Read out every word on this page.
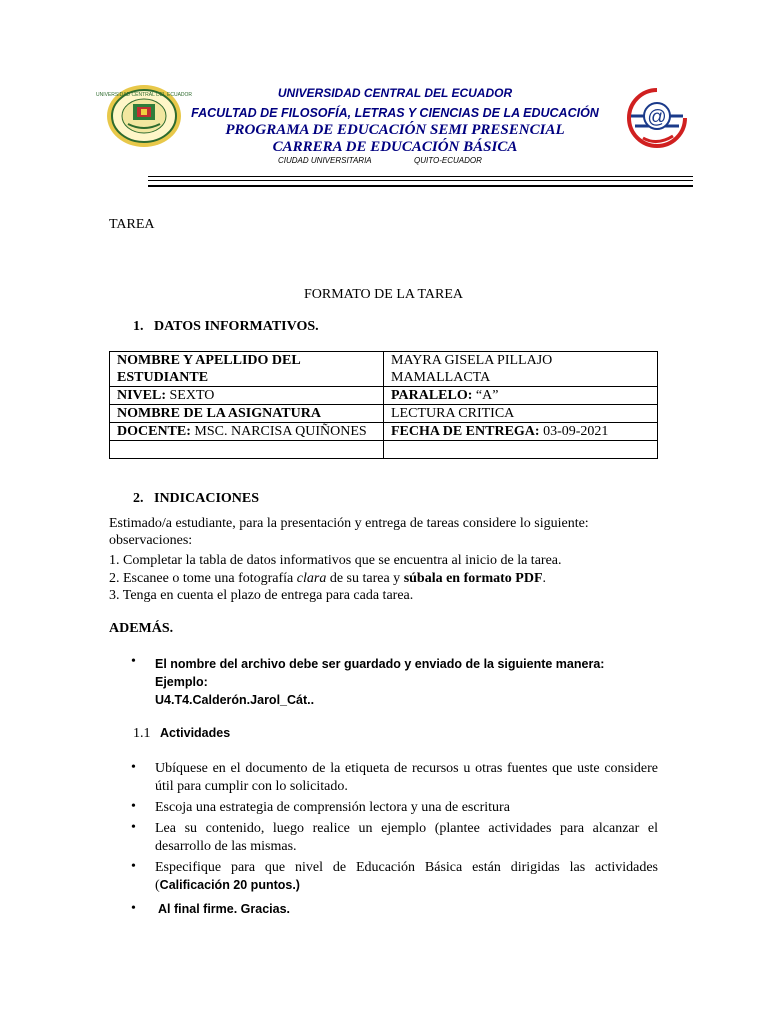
UNIVERSIDAD CENTRAL DEL ECUADOR
@
UNIVERSIDAD CENTRAL DEL ECUADOR
FACULTAD DE FILOSOFÍA, LETRAS Y CIENCIAS DE LA EDUCACIÓN
PROGRAMA DE EDUCACIÓN SEMI PRESENCIAL
CARRERA DE EDUCACIÓN BÁSICA
CIUDAD UNIVERSITARIA	QUITO-ECUADOR
TAREA
FORMATO DE LA TAREA
1.   DATOS INFORMATIVOS.
NOMBRE Y APELLIDO DEL ESTUDIANTE	MAYRA GISELA PILLAJO MAMALLACTA
NIVEL: SEXTO	PARALELO: “A”
NOMBRE DE LA ASIGNATURA	LECTURA CRITICA
DOCENTE: MSC. NARCISA QUIÑONES	FECHA DE ENTREGA: 03-09-2021

2.   INDICACIONES
Estimado/a estudiante, para la presentación y entrega de tareas considere lo siguiente: observaciones:
1. Completar la tabla de datos informativos que se encuentra al inicio de la tarea.
2. Escanee o tome una fotografía clara de su tarea y súbala en formato PDF.
3. Tenga en cuenta el plazo de entrega para cada tarea.
ADEMÁS.
• El nombre del archivo debe ser guardado y enviado de la siguiente manera:
Ejemplo:
U4.T4.Calderón.Jarol_Cát..
1.1 Actividades
• Ubíquese en el documento de la etiqueta de recursos u otras fuentes que uste considere útil para cumplir con lo solicitado.
• Escoja una estrategia de comprensión lectora y una de escritura
• Lea su contenido, luego realice un ejemplo (plantee actividades para alcanzar el desarrollo de las mismas.
• Especifique para que nivel de Educación Básica están dirigidas las actividades (Calificación 20 puntos.)
• Al final firme. Gracias.
